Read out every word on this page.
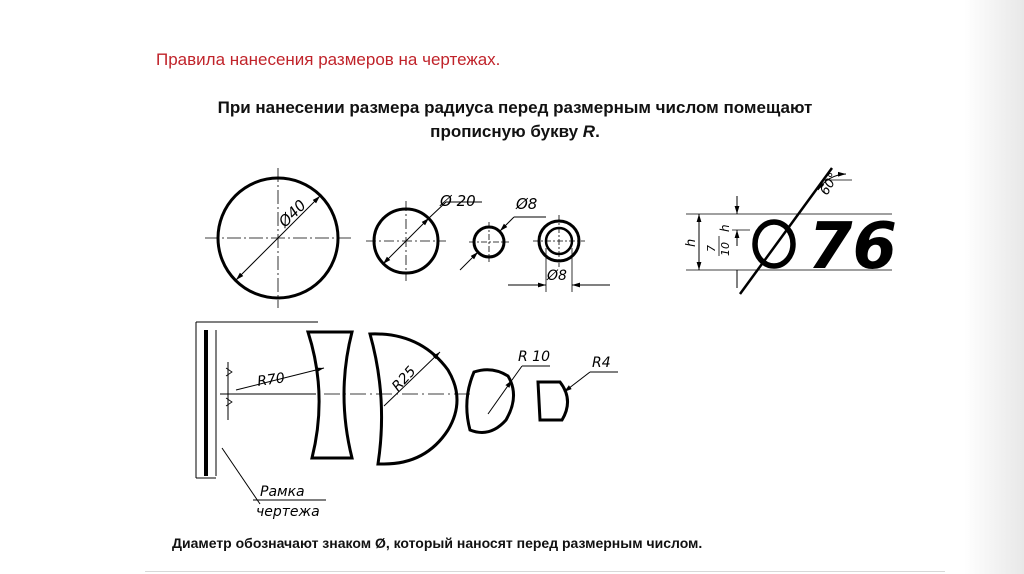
Правила нанесения размеров на чертежах.
При нанесении размера радиуса перед размерным числом помещают
прописную букву R.
Ø40	Ø 20	Ø8
Ø8
h
7 10
h
60°
76
R70
Рамка
чертежа
R25
R 10	R4
Диаметр обозначают знаком Ø, который наносят перед размерным числом.
